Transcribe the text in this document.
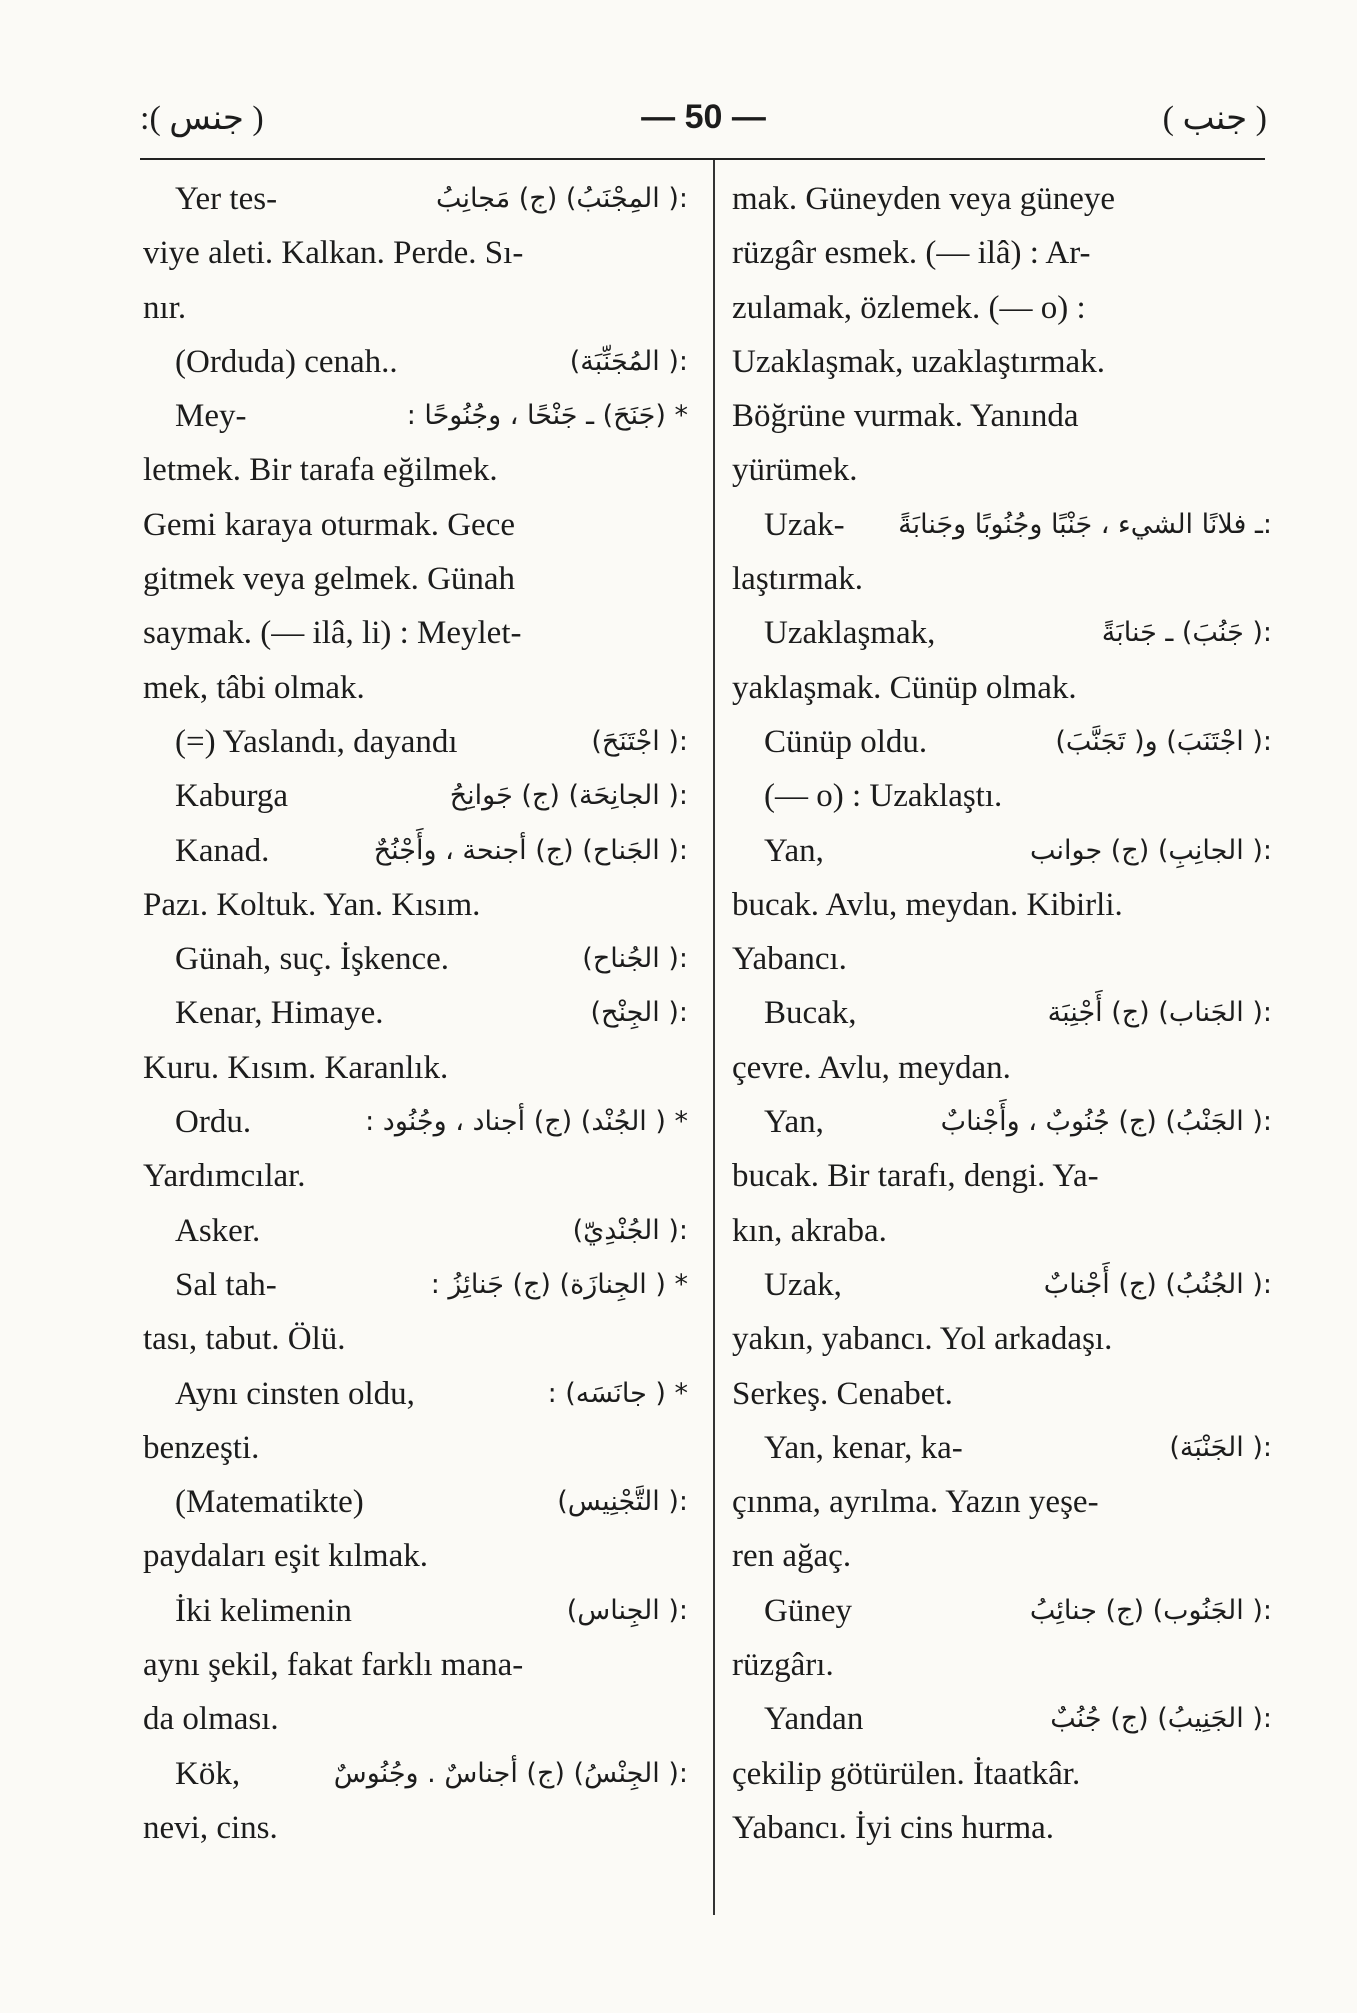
:( جنس )	— 50 —	( جنب )
Yer tes-	:( المِجْنَبُ) (ج) مَجانِبُ
viye aleti. Kalkan. Perde. Sı-
nır.
(Orduda) cenah..	:( المُجَنِّبَة)
Mey-	* (جَنَحَ) ـ جَنْحًا ، وجُنُوحًا :
letmek. Bir tarafa eğilmek.
Gemi karaya oturmak. Gece
gitmek veya gelmek. Günah
saymak. (— ilâ, li) : Meylet-
mek, tâbi olmak.
(=) Yaslandı, dayandı	:( اجْتَنَحَ)
Kaburga	:( الجانِحَة) (ج) جَوانِحُ
Kanad.	:( الجَناح) (ج) أجنحة ، وأَجْنُحٌ
Pazı. Koltuk. Yan. Kısım.
Günah, suç. İşkence.	:( الجُناح)
Kenar, Himaye.	:( الجِنْح)
Kuru. Kısım. Karanlık.
Ordu.	* ( الجُنْد) (ج) أجناد ، وجُنُود :
Yardımcılar.
Asker.	:( الجُنْدِيّ)
Sal tah-	* ( الجِنازَة) (ج) جَنائِزُ :
tası, tabut. Ölü.
Aynı cinsten oldu,	* ( جانَسَه) :
benzeşti.
(Matematikte)	:( التَّجْنِيس)
paydaları eşit kılmak.
İki kelimenin	:( الجِناس)
aynı şekil, fakat farklı mana-
da olması.
Kök,	:( الجِنْسُ) (ج) أجناسٌ . وجُنُوسٌ
nevi, cins.
mak. Güneyden veya güneye
rüzgâr esmek. (— ilâ) : Ar-
zulamak, özlemek. (— o) :
Uzaklaşmak, uzaklaştırmak.
Böğrüne vurmak. Yanında
yürümek.
Uzak- :ـ فلانًا الشيء ، جَنْبًا وجُنُوبًا وجَنابَةً
laştırmak.
Uzaklaşmak,	:( جَنُبَ) ـ جَنابَةً
yaklaşmak. Cünüp olmak.
Cünüp oldu.	:( اجْتَنَبَ) و( تَجَنَّبَ)
(— o) : Uzaklaştı.
Yan,	:( الجانِبِ) (ج) جوانب
bucak. Avlu, meydan. Kibirli.
Yabancı.
Bucak,	:( الجَناب) (ج) أَجْنِبَة
çevre. Avlu, meydan.
Yan,	:( الجَنْبُ) (ج) جُنُوبٌ ، وأَجْنابٌ
bucak. Bir tarafı, dengi. Ya-
kın, akraba.
Uzak,	:( الجُنُبُ) (ج) أَجْنابٌ
yakın, yabancı. Yol arkadaşı.
Serkeş. Cenabet.
Yan, kenar, ka-	:( الجَنْبَة)
çınma, ayrılma. Yazın yeşe-
ren ağaç.
Güney	:( الجَنُوب) (ج) جنائِبُ
rüzgârı.
Yandan	:( الجَنِيبُ) (ج) جُنُبٌ
çekilip götürülen. İtaatkâr.
Yabancı. İyi cins hurma.
